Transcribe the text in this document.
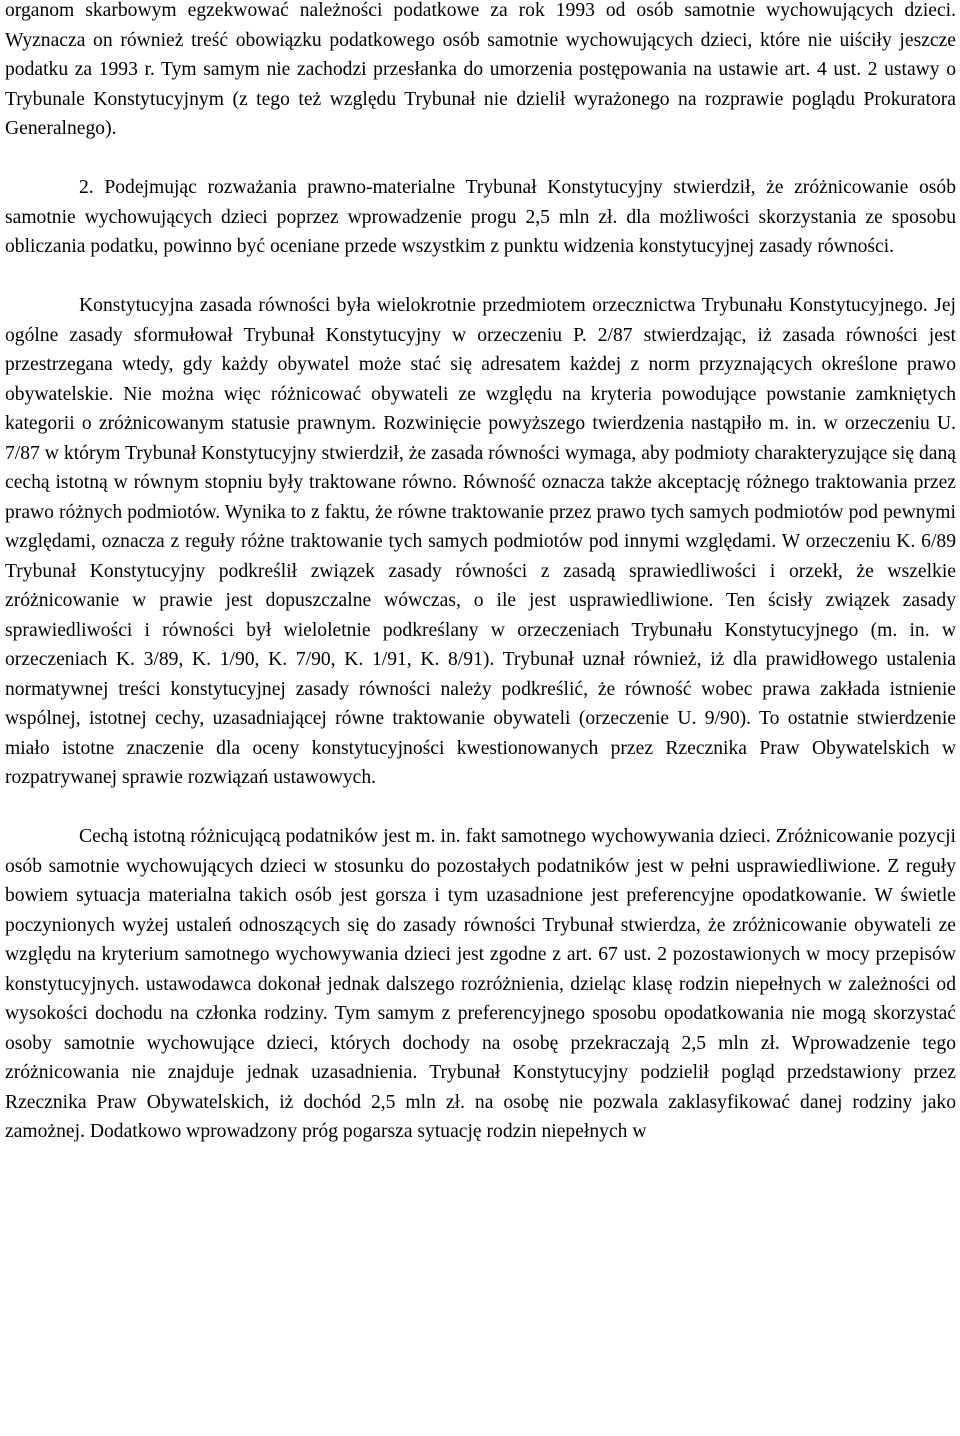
organom skarbowym egzekwować należności podatkowe za rok 1993 od osób samotnie wychowujących dzieci. Wyznacza on również treść obowiązku podatkowego osób samotnie wychowujących dzieci, które nie uiściły jeszcze podatku za 1993 r. Tym samym nie zachodzi przesłanka do umorzenia postępowania na ustawie art. 4 ust. 2 ustawy o Trybunale Konstytucyjnym (z tego też względu Trybunał nie dzielił wyrażonego na rozprawie poglądu Prokuratora Generalnego).

2. Podejmując rozważania prawno-materialne Trybunał Konstytucyjny stwierdził, że zróżnicowanie osób samotnie wychowujących dzieci poprzez wprowadzenie progu 2,5 mln zł. dla możliwości skorzystania ze sposobu obliczania podatku, powinno być oceniane przede wszystkim z punktu widzenia konstytucyjnej zasady równości.

Konstytucyjna zasada równości była wielokrotnie przedmiotem orzecznictwa Trybunału Konstytucyjnego. Jej ogólne zasady sformułował Trybunał Konstytucyjny w orzeczeniu P. 2/87 stwierdzając, iż zasada równości jest przestrzegana wtedy, gdy każdy obywatel może stać się adresatem każdej z norm przyznających określone prawo obywatelskie. Nie można więc różnicować obywateli ze względu na kryteria powodujące powstanie zamkniętych kategorii o zróżnicowanym statusie prawnym. Rozwinięcie powyższego twierdzenia nastąpiło m. in. w orzeczeniu U. 7/87 w którym Trybunał Konstytucyjny stwierdził, że zasada równości wymaga, aby podmioty charakteryzujące się daną cechą istotną w równym stopniu były traktowane równo. Równość oznacza także akceptację różnego traktowania przez prawo różnych podmiotów. Wynika to z faktu, że równe traktowanie przez prawo tych samych podmiotów pod pewnymi względami, oznacza z reguły różne traktowanie tych samych podmiotów pod innymi względami. W orzeczeniu K. 6/89 Trybunał Konstytucyjny podkreślił związek zasady równości z zasadą sprawiedliwości i orzekł, że wszelkie zróżnicowanie w prawie jest dopuszczalne wówczas, o ile jest usprawiedliwione. Ten ścisły związek zasady sprawiedliwości i równości był wieloletnie podkreślany w orzeczeniach Trybunału Konstytucyjnego (m. in. w orzeczeniach K. 3/89, K. 1/90, K. 7/90, K. 1/91, K. 8/91). Trybunał uznał również, iż dla prawidłowego ustalenia normatywnej treści konstytucyjnej zasady równości należy podkreślić, że równość wobec prawa zakłada istnienie wspólnej, istotnej cechy, uzasadniającej równe traktowanie obywateli (orzeczenie U. 9/90). To ostatnie stwierdzenie miało istotne znaczenie dla oceny konstytucyjności kwestionowanych przez Rzecznika Praw Obywatelskich w rozpatrywanej sprawie rozwiązań ustawowych.

Cechą istotną różnicującą podatników jest m. in. fakt samotnego wychowywania dzieci. Zróżnicowanie pozycji osób samotnie wychowujących dzieci w stosunku do pozostałych podatników jest w pełni usprawiedliwione. Z reguły bowiem sytuacja materialna takich osób jest gorsza i tym uzasadnione jest preferencyjne opodatkowanie. W świetle poczynionych wyżej ustaleń odnoszących się do zasady równości Trybunał stwierdza, że zróżnicowanie obywateli ze względu na kryterium samotnego wychowywania dzieci jest zgodne z art. 67 ust. 2 pozostawionych w mocy przepisów konstytucyjnych. ustawodawca dokonał jednak dalszego rozróżnienia, dzieląc klasę rodzin niepełnych w zależności od wysokości dochodu na członka rodziny. Tym samym z preferencyjnego sposobu opodatkowania nie mogą skorzystać osoby samotnie wychowujące dzieci, których dochody na osobę przekraczają 2,5 mln zł. Wprowadzenie tego zróżnicowania nie znajduje jednak uzasadnienia. Trybunał Konstytucyjny podzielił pogląd przedstawiony przez Rzecznika Praw Obywatelskich, iż dochód 2,5 mln zł. na osobę nie pozwala zaklasyfikować danej rodziny jako zamożnej. Dodatkowo wprowadzony próg pogarsza sytuację rodzin niepełnych w
